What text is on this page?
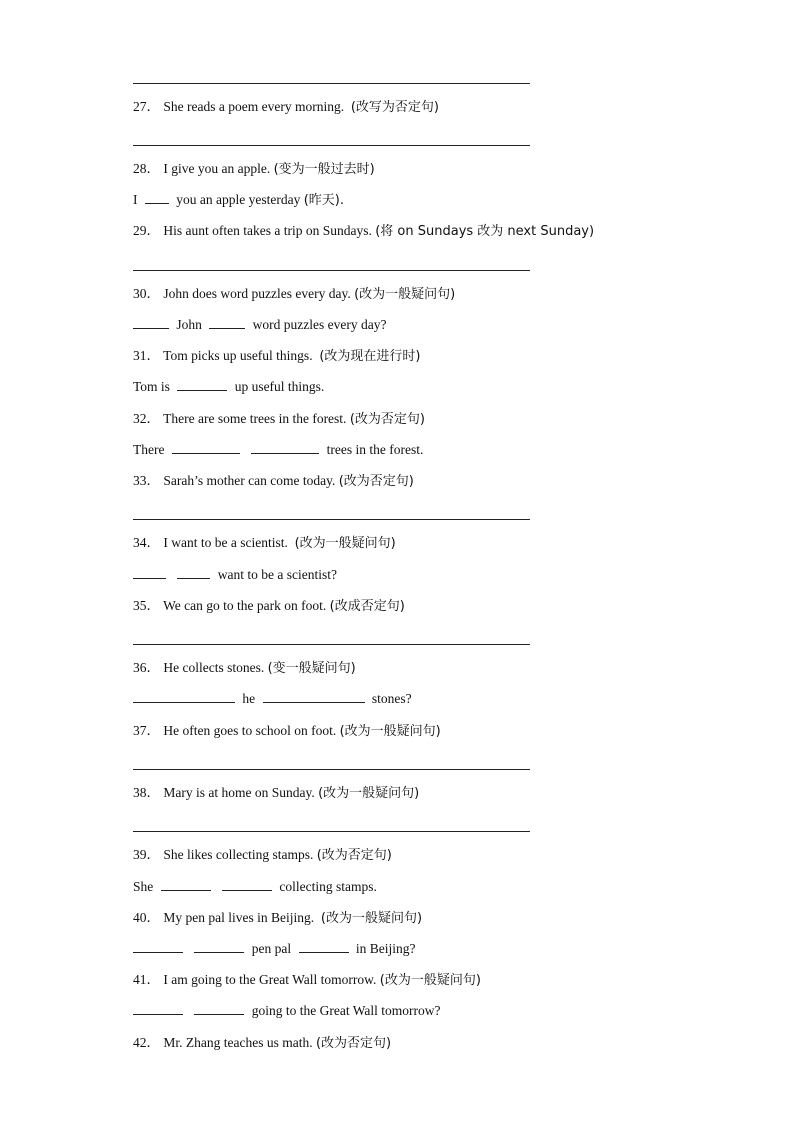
27． She reads a poem every morning. (改写为否定句)
28． I give you an apple. (变为一般过去时)
I	you an apple yesterday (昨天).
29． His aunt often takes a trip on Sundays. (将 on Sundays 改为 next Sunday)
30． John does word puzzles every day. (改为一般疑问句)
John	word puzzles every day?
31． Tom picks up useful things. (改为现在进行时)
Tom is	up useful things.
32． There are some trees in the forest. (改为否定句)
There	trees in the forest.
33． Sarah’s mother can come today. (改为否定句)
34． I want to be a scientist. (改为一般疑问句)
want to be a scientist?
35． We can go to the park on foot. (改成否定句)
36． He collects stones. (变一般疑问句)
he	stones?
37． He often goes to school on foot. (改为一般疑问句)
38． Mary is at home on Sunday. (改为一般疑问句)
39． She likes collecting stamps. (改为否定句)
She	collecting stamps.
40． My pen pal lives in Beijing. (改为一般疑问句)
pen pal	in Beijing?
41． I am going to the Great Wall tomorrow. (改为一般疑问句)
going to the Great Wall tomorrow?
42． Mr. Zhang teaches us math. (改为否定句)
